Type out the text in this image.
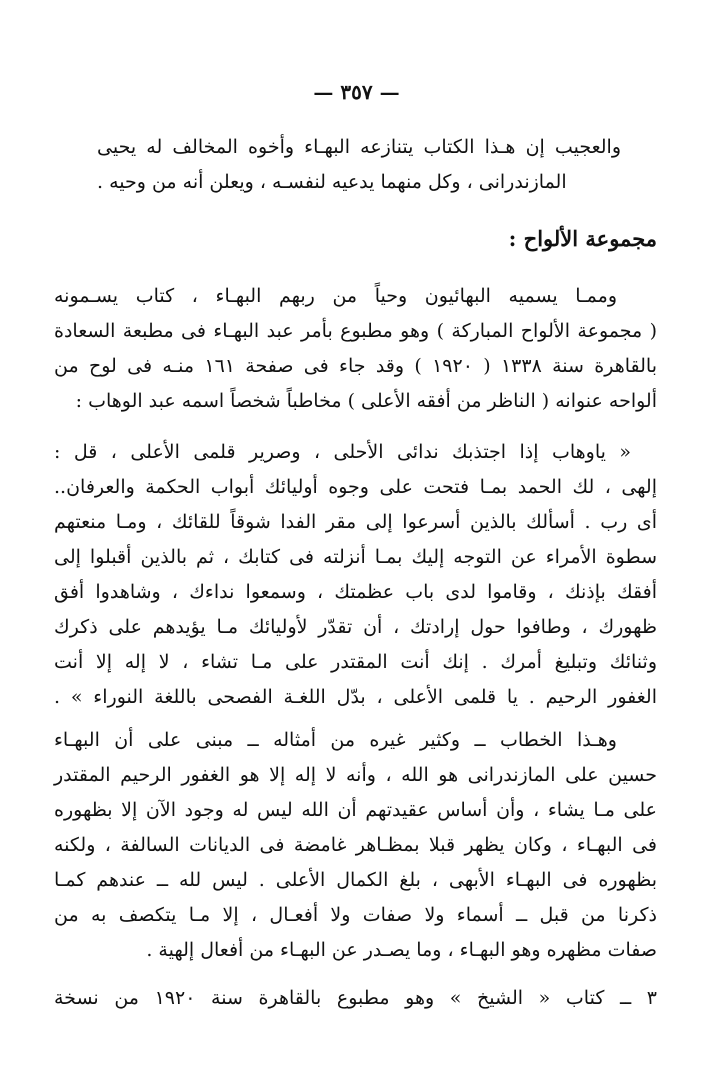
— ٣٥٧ —
والعجيب إن هـذا الكتاب يتنازعه البهـاء وأخوه المخالف له يحيى
المازندرانى ، وكل منهما يدعيه لنفسـه ، ويعلن أنه من وحيه .
مجموعة الألواح :
وممـا يسميه البهائيون وحياً من ربهم البهـاء ، كتاب يسـمونه
( مجموعة الألواح المباركة ) وهو مطبوع بأمر عبد البهـاء فى مطبعة السعادة
بالقاهرة سنة ١٣٣٨ ( ١٩٢٠ ) وقد جاء فى صفحة ١٦١ منـه فى لوح من
ألواحه عنوانه ( الناظر من أفقه الأعلى ) مخاطباً شخصاً اسمه عبد الوهاب :
« ياوهاب إذا اجتذبك ندائى الأحلى ، وصرير قلمى الأعلى ، قل :
إلهى ، لك الحمد بمـا فتحت على وجوه أوليائك أبواب الحكمة والعرفان..
أى رب . أسألك بالذين أسرعوا إلى مقر الفدا شوقاً للقائك ، ومـا منعتهم
سطوة الأمراء عن التوجه إليك بمـا أنزلته فى كتابك ، ثم بالذين أقبلوا إلى
أفقك بإذنك ، وقاموا لدى باب عظمتك ، وسمعوا نداءك ، وشاهدوا أفق
ظهورك ، وطافوا حول إرادتك ، أن تقدّر لأوليائك مـا يؤيدهم على ذكرك
وثنائك وتبليغ أمرك . إنك أنت المقتدر على مـا تشاء ، لا إله إلا أنت
الغفور الرحيم . يا قلمى الأعلى ، بدّل اللغـة الفصحى باللغة النوراء » .
وهـذا الخطاب ــ وكثير غيره من أمثاله ــ مبنى على أن البهـاء
حسين على المازندرانى هو الله ، وأنه لا إله إلا هو الغفور الرحيم المقتدر
على مـا يشاء ، وأن أساس عقيدتهم أن الله ليس له وجود الآن إلا بظهوره
فى البهـاء ، وكان يظهر قبلا بمظـاهر غامضة فى الديانات السالفة ، ولكنه
بظهوره فى البهـاء الأبهى ، بلغ الكمال الأعلى . ليس لله ــ عندهم كمـا
ذكرنا من قبل ــ أسماء ولا صفات ولا أفعـال ، إلا مـا يتكصف به من
صفات مظهره وهو البهـاء ، وما يصـدر عن البهـاء من أفعال إلهية .
٣ ــ كتاب « الشيخ » وهو مطبوع بالقاهرة سنة ١٩٢٠ من نسخة
